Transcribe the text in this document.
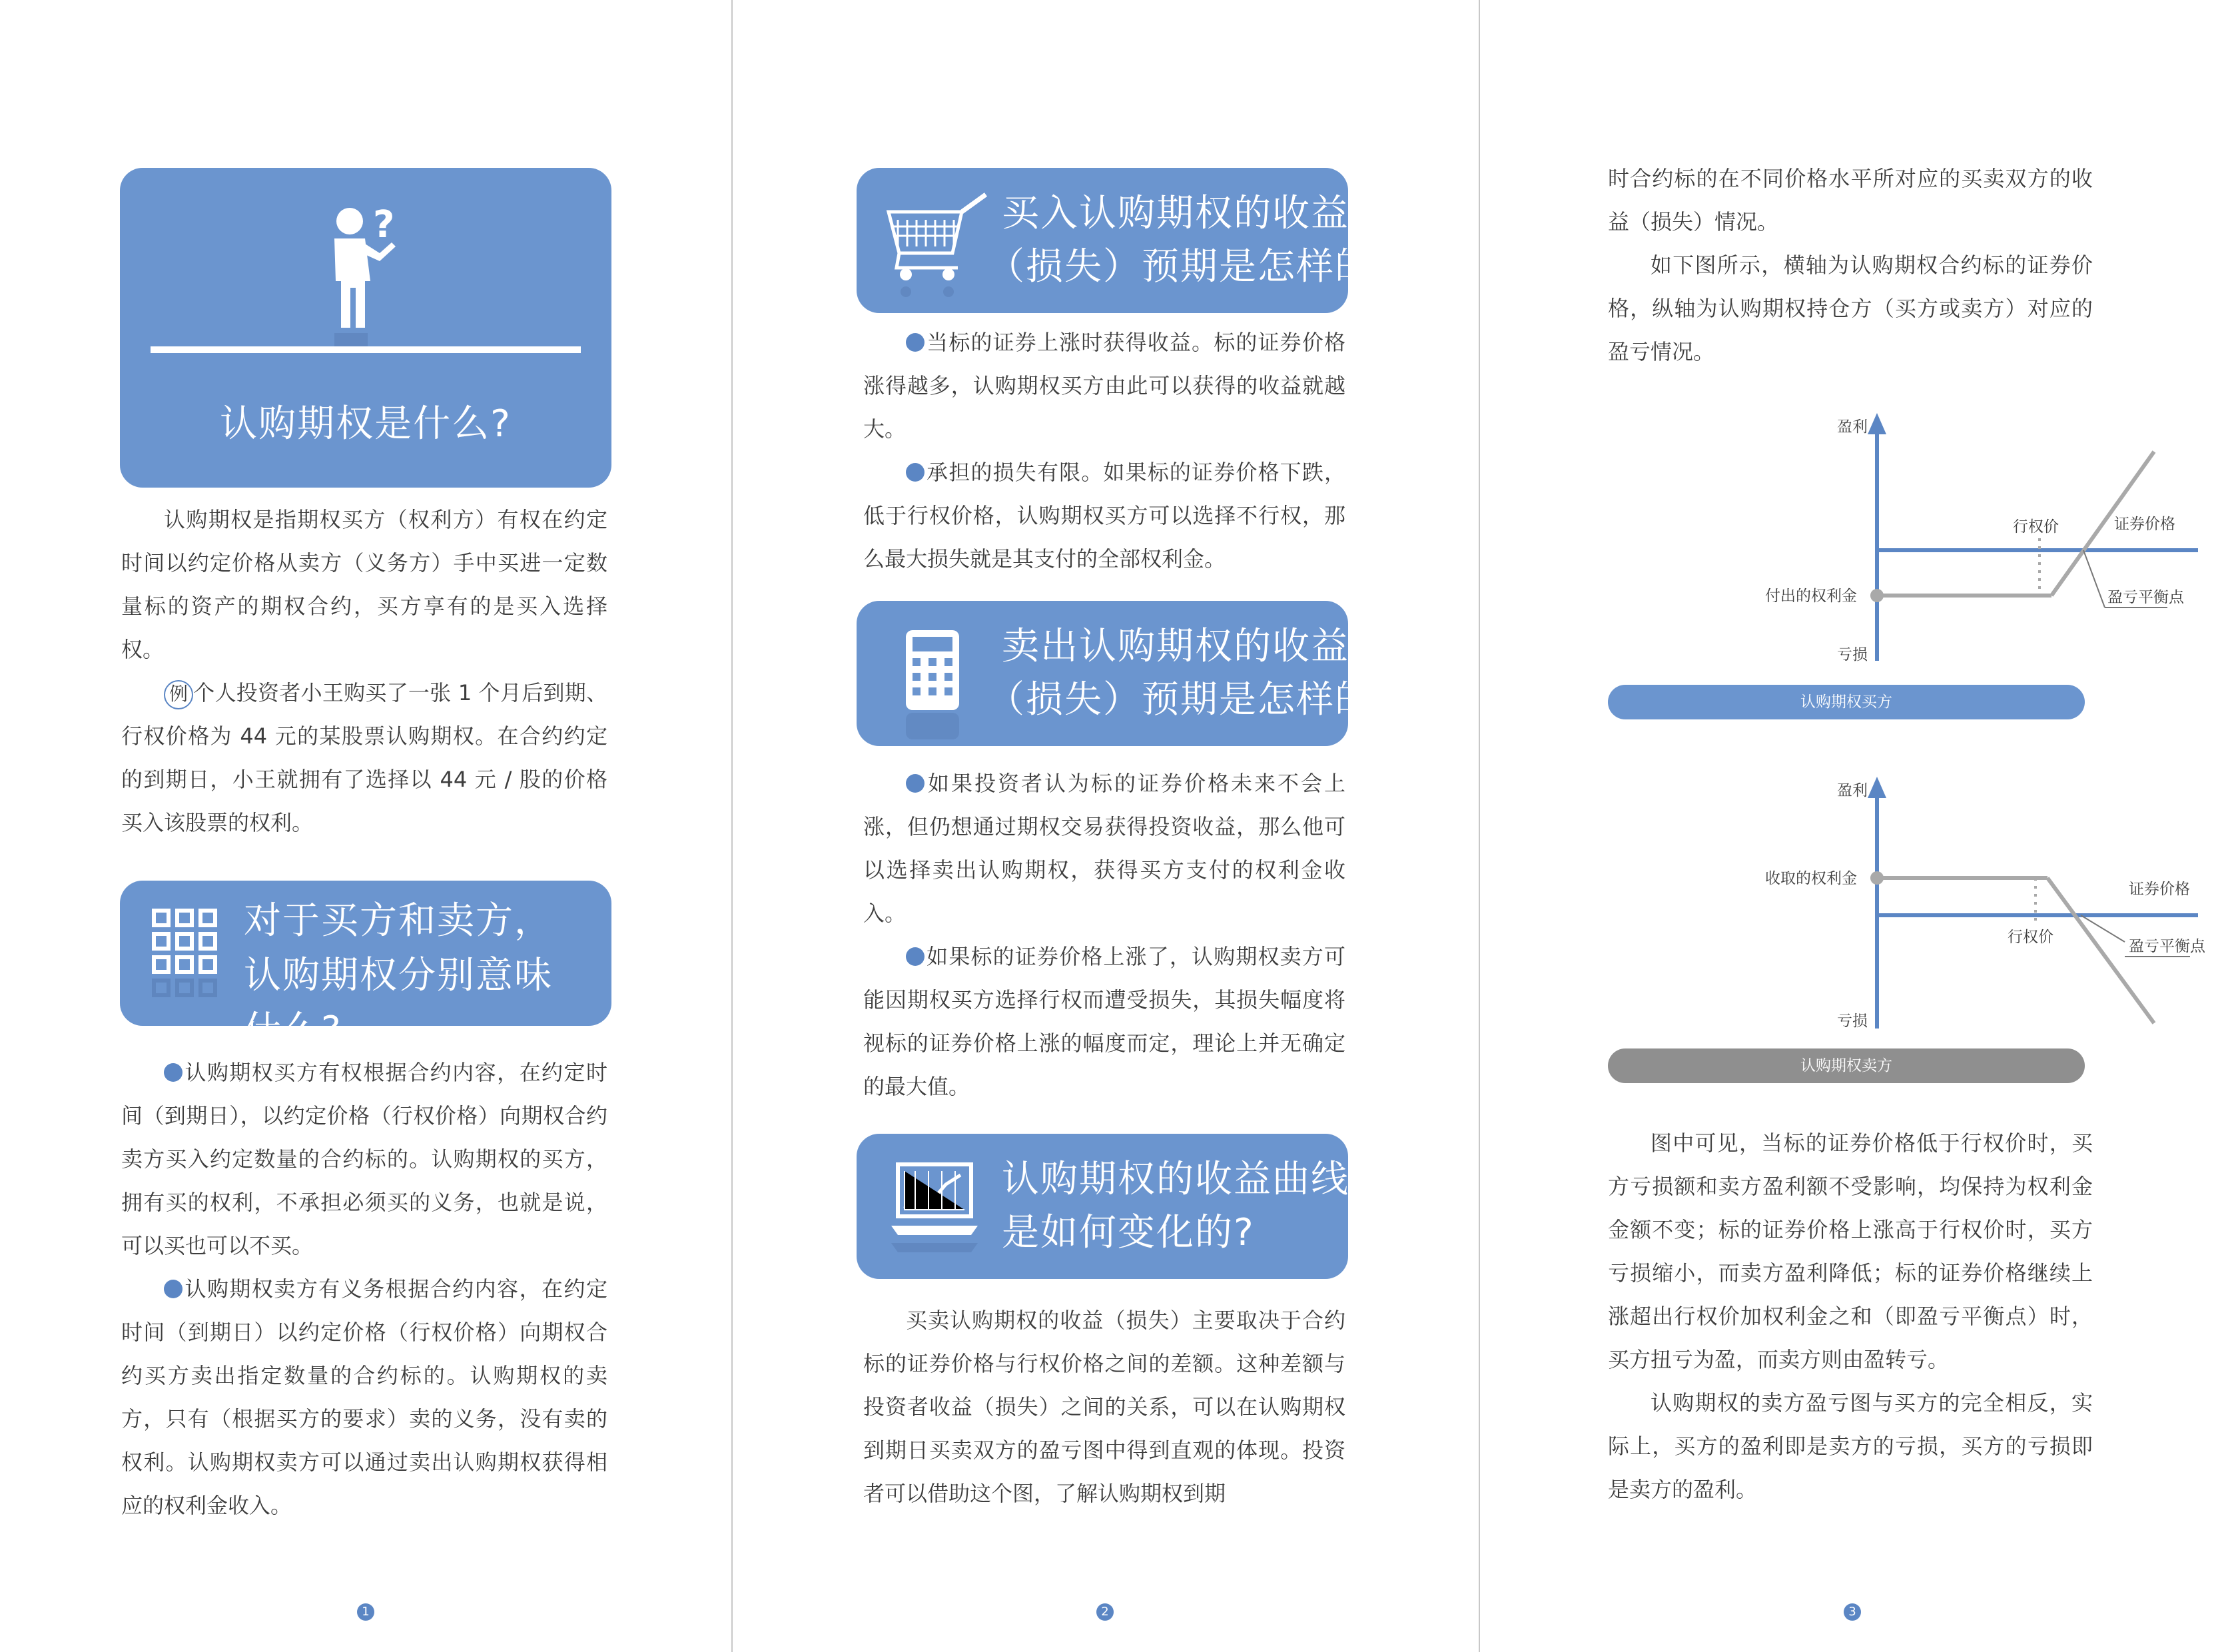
?
认购期权是什么?

认购期权是指期权买方（权利方）有权在约定时间以约定价格从卖方（义务方）手中买进一定数量标的资产的期权合约，买方享有的是买入选择权。

例 个人投资者小王购买了一张 1 个月后到期、行权价格为 44 元的某股票认购期权。在合约约定的到期日，小王就拥有了选择以 44 元 / 股的价格买入该股票的权利。

对于买方和卖方，认购期权分别意味什么?

认购期权买方有权根据合约内容，在约定时间（到期日），以约定价格（行权价格）向期权合约卖方买入约定数量的合约标的。认购期权的买方，拥有买的权利，不承担必须买的义务，也就是说，可以买也可以不买。

认购期权卖方有义务根据合约内容，在约定时间（到期日）以约定价格（行权价格）向期权合约买方卖出指定数量的合约标的。认购期权的卖方，只有（根据买方的要求）卖的义务，没有卖的权利。认购期权卖方可以通过卖出认购期权获得相应的权利金收入。

1
买入认购期权的收益
（损失）预期是怎样的?

当标的证券上涨时获得收益。标的证券价格涨得越多，认购期权买方由此可以获得的收益就越大。

承担的损失有限。如果标的证券价格下跌，低于行权价格，认购期权买方可以选择不行权，那么最大损失就是其支付的全部权利金。

卖出认购期权的收益
（损失）预期是怎样的?

如果投资者认为标的证券价格未来不会上涨，但仍想通过期权交易获得投资收益，那么他可以选择卖出认购期权，获得买方支付的权利金收入。

如果标的证券价格上涨了，认购期权卖方可能因期权买方选择行权而遭受损失，其损失幅度将视标的证券价格上涨的幅度而定，理论上并无确定的最大值。

认购期权的收益曲线
是如何变化的?

买卖认购期权的收益（损失）主要取决于合约标的证券价格与行权价格之间的差额。这种差额与投资者收益（损失）之间的关系，可以在认购期权到期日买卖双方的盈亏图中得到直观的体现。投资者可以借助这个图，了解认购期权到期

2

时合约标的在不同价格水平所对应的买卖双方的收益（损失）情况。

如下图所示，横轴为认购期权合约标的证券价格，纵轴为认购期权持仓方（买方或卖方）对应的盈亏情况。

盈利
亏损
付出的权利金
行权价	证券价格
盈亏平衡点
认购期权买方
盈利
亏损
收取的权利金
行权价
证券价格
盈亏平衡点
认购期权卖方

图中可见，当标的证券价格低于行权价时，买方亏损额和卖方盈利额不受影响，均保持为权利金金额不变；标的证券价格上涨高于行权价时，买方亏损缩小，而卖方盈利降低；标的证券价格继续上涨超出行权价加权利金之和（即盈亏平衡点）时，买方扭亏为盈，而卖方则由盈转亏。

认购期权的卖方盈亏图与买方的完全相反，实际上，买方的盈利即是卖方的亏损，买方的亏损即是卖方的盈利。

3
